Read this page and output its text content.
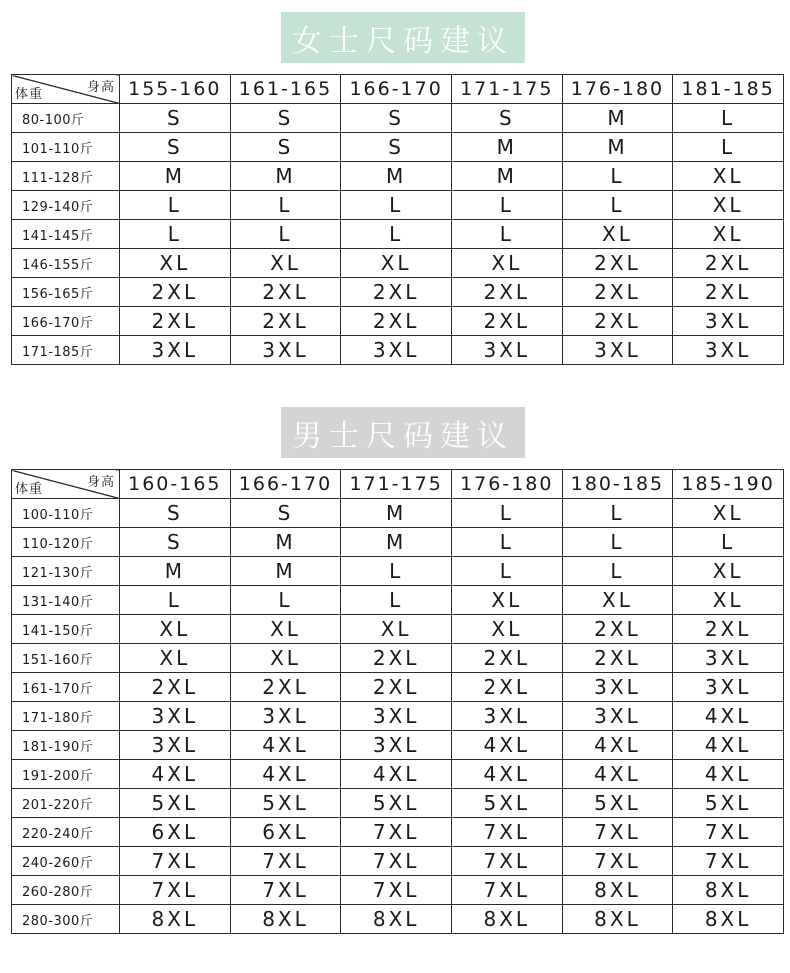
女士尺码建议
身高
体重	155-160	161-165	166-170	171-175	176-180	181-185
80-100斤	S	S	S	S	M	L
101-110斤	S	S	S	M	M	L
111-128斤	M	M	M	M	L	XL
129-140斤	L	L	L	L	L	XL
141-145斤	L	L	L	L	XL	XL
146-155斤	XL	XL	XL	XL	2XL	2XL
156-165斤	2XL	2XL	2XL	2XL	2XL	2XL
166-170斤	2XL	2XL	2XL	2XL	2XL	3XL
171-185斤	3XL	3XL	3XL	3XL	3XL	3XL
男士尺码建议
身高
体重	160-165	166-170	171-175	176-180	180-185	185-190
100-110斤	S	S	M	L	L	XL
110-120斤	S	M	M	L	L	L
121-130斤	M	M	L	L	L	XL
131-140斤	L	L	L	XL	XL	XL
141-150斤	XL	XL	XL	XL	2XL	2XL
151-160斤	XL	XL	2XL	2XL	2XL	3XL
161-170斤	2XL	2XL	2XL	2XL	3XL	3XL
171-180斤	3XL	3XL	3XL	3XL	3XL	4XL
181-190斤	3XL	4XL	3XL	4XL	4XL	4XL
191-200斤	4XL	4XL	4XL	4XL	4XL	4XL
201-220斤	5XL	5XL	5XL	5XL	5XL	5XL
220-240斤	6XL	6XL	7XL	7XL	7XL	7XL
240-260斤	7XL	7XL	7XL	7XL	7XL	7XL
260-280斤	7XL	7XL	7XL	7XL	8XL	8XL
280-300斤	8XL	8XL	8XL	8XL	8XL	8XL
